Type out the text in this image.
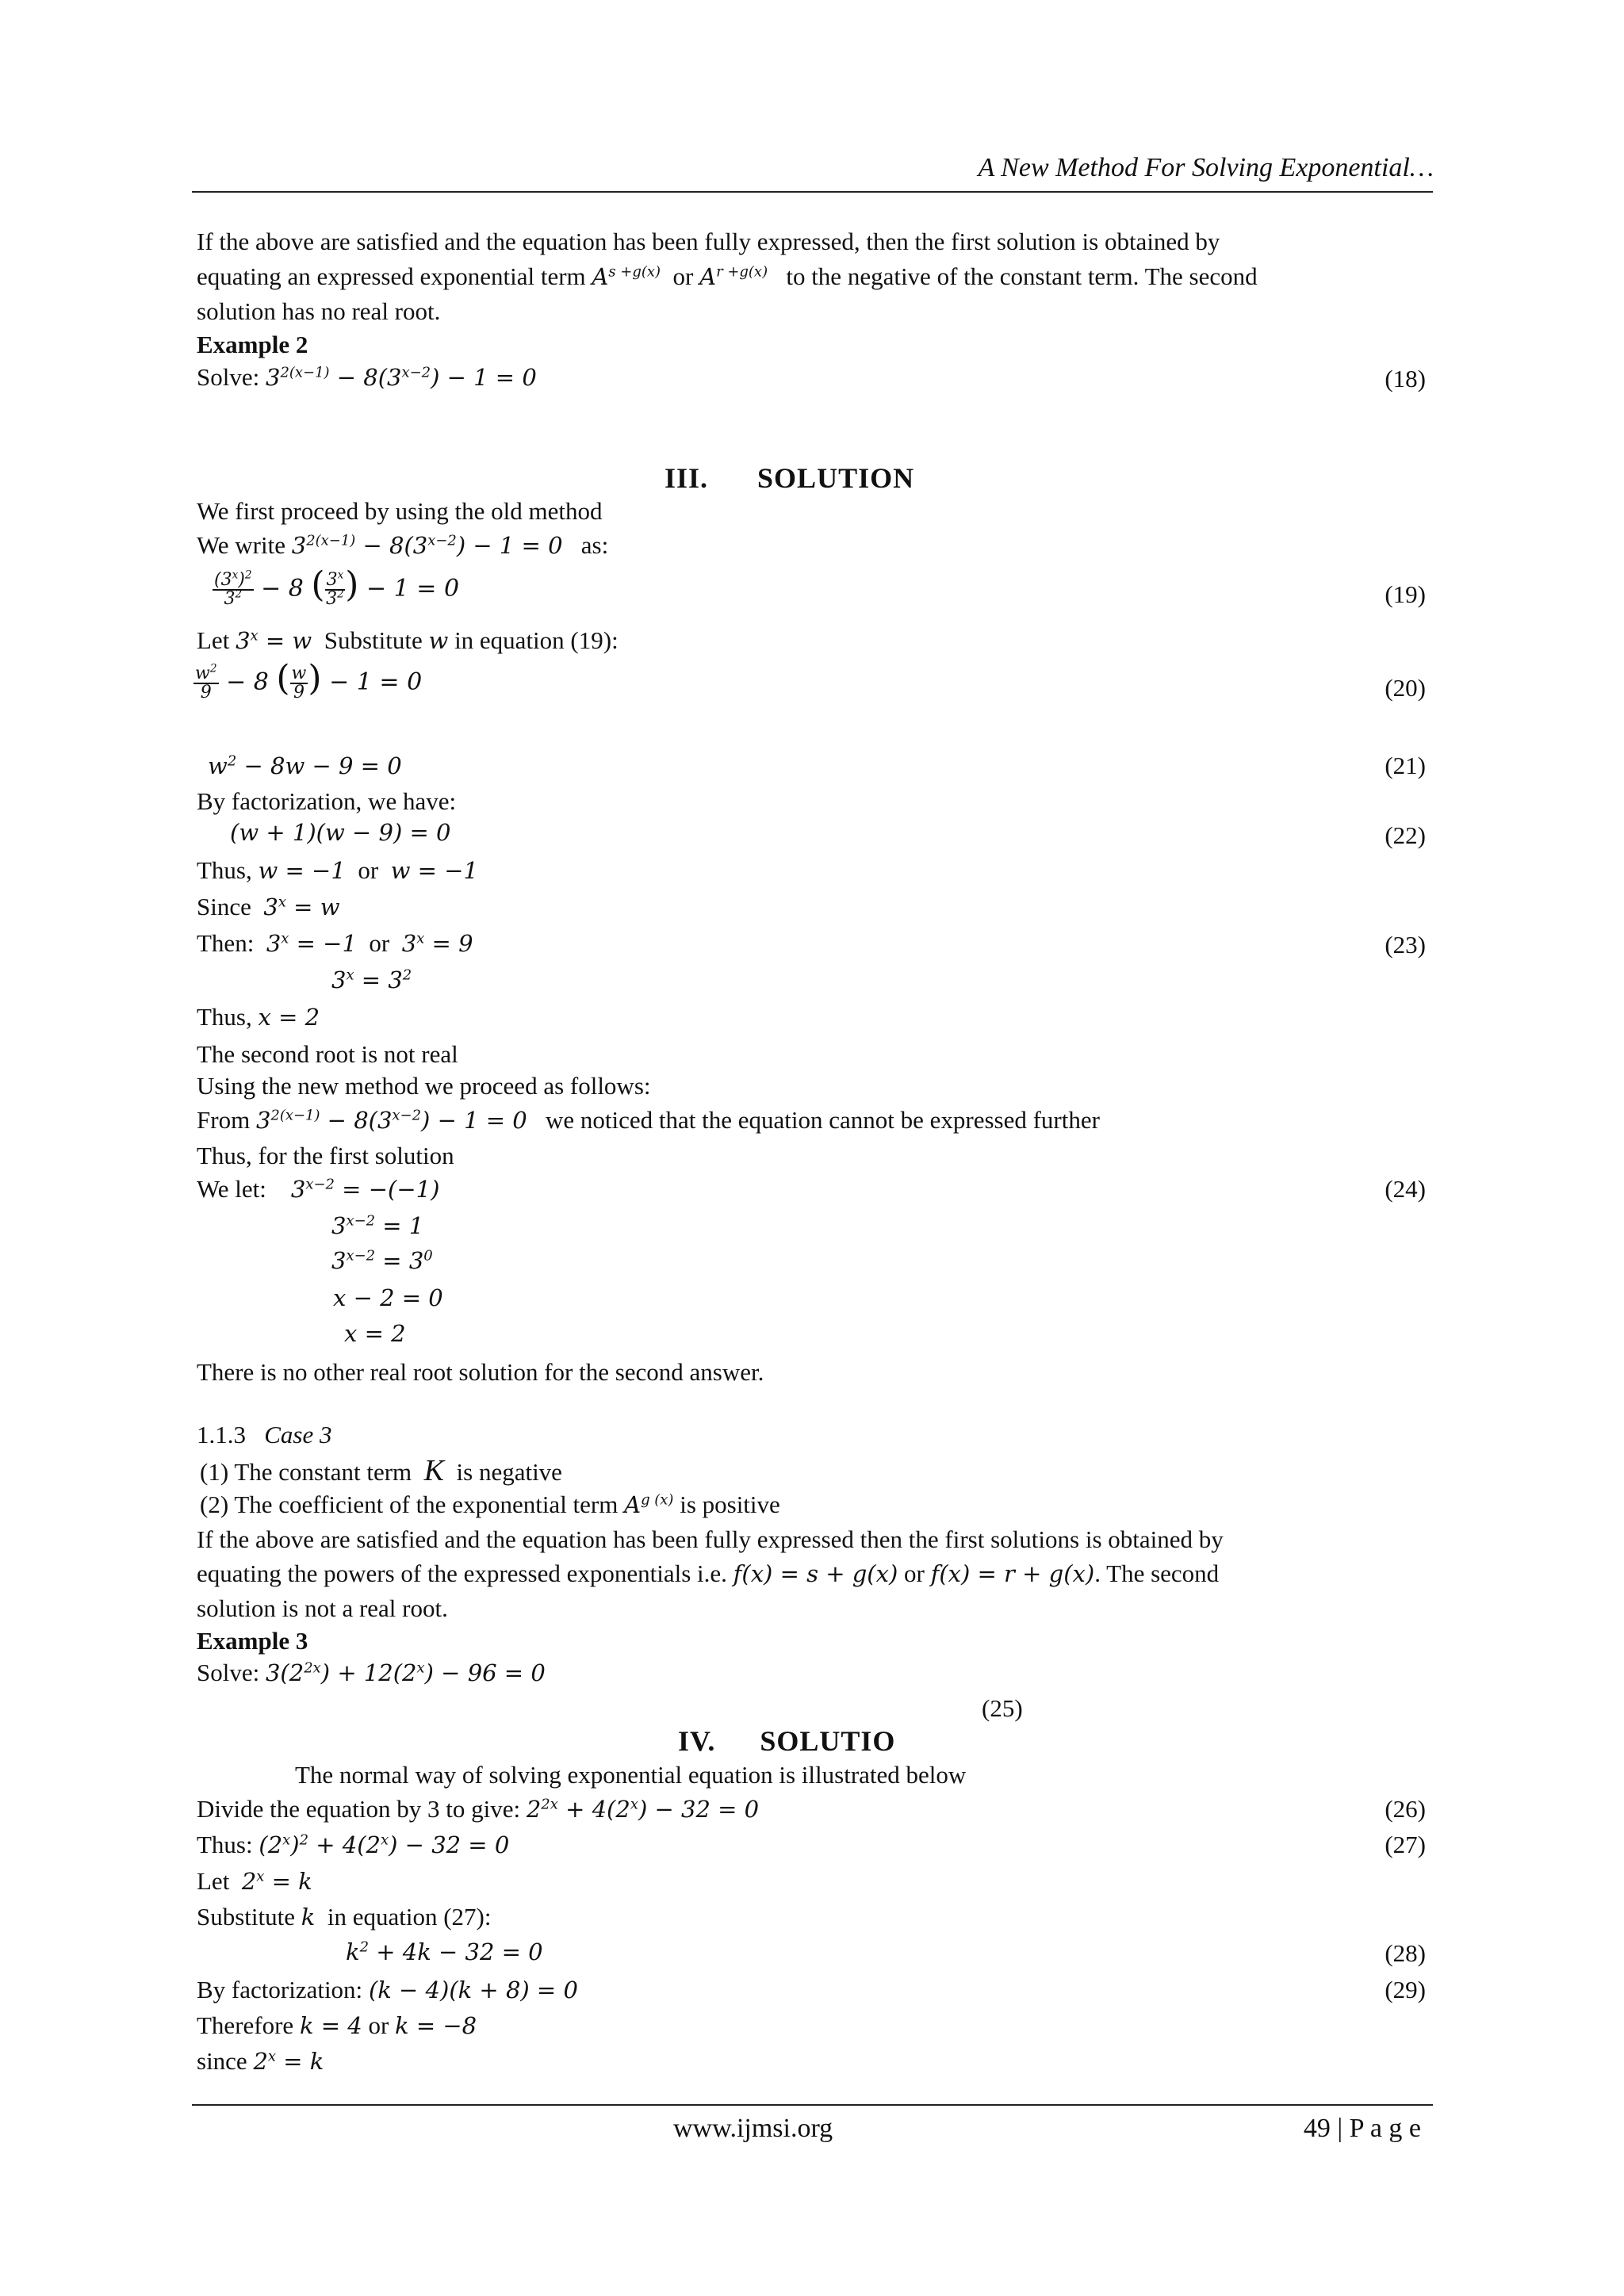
A New Method For Solving Exponential…
If the above are satisfied and the equation has been fully expressed, then the first solution is obtained by
equating an expressed exponential term $A^{s +g(x)}$ or $A^{r +g(x)}$ to the negative of the constant term. The second
solution has no real root.
Example 2
Solve: $3^{2(x-1)} - 8(3^{x-2}) - 1 = 0$	(18)
III. SOLUTION
We first proceed by using the old method
We write $3^{2(x-1)} - 8(3^{x-2}) - 1 = 0$ as:
$\frac{(3^x)^2}{3^2} - 8$ ( $\frac{3^x}{3^2}$ ) − 1 = 0	(19)
Let $3^x = w$ Substitute w in equation (19):
$\frac{w^2}{9} - 8$ ( $\frac{w}{9}$ ) − 1 = 0	(20)
$w^2 - 8w - 9 = 0$	(21)
By factorization, we have:
(w + 1)(w − 9) = 0	(22)
Thus, w = −1 or w = −1
Since $3^x = w$
Then: $3^x = -1$ or $3^x = 9$	(23)
$3^x = 3^2$
Thus, x = 2
The second root is not real
Using the new method we proceed as follows:
From $3^{2(x-1)} - 8(3^{x-2}) - 1 = 0$ we noticed that the equation cannot be expressed further
Thus, for the first solution
We let: $3^{x-2} = -(-1)$	(24)
$3^{x-2} = 1$
$3^{x-2} = 3^0$
x − 2 = 0
x = 2
There is no other real root solution for the second answer.
1.1.3 Case 3
(1) The constant term K is negative
(2) The coefficient of the exponential term $A^{g (x)}$ is positive
If the above are satisfied and the equation has been fully expressed then the first solutions is obtained by
equating the powers of the expressed exponentials i.e. f(x) = s + g(x) or f(x) = r + g(x). The second
solution is not a real root.
Example 3
Solve: $3(2^{2x}) + 12(2^x) - 96 = 0$
(25)
IV. SOLUTIO
The normal way of solving exponential equation is illustrated below
Divide the equation by 3 to give: $2^{2x} + 4(2^x) - 32 = 0$	(26)
Thus: $(2^x)^2 + 4(2^x) - 32 = 0$	(27)
Let $2^x = k$
Substitute k in equation (27):
$k^2 + 4k - 32 = 0$	(28)
By factorization: (k − 4)(k + 8) = 0	(29)
Therefore k = 4 or k = −8
since $2^x = k$
www.ijmsi.org	49 | P a g e
